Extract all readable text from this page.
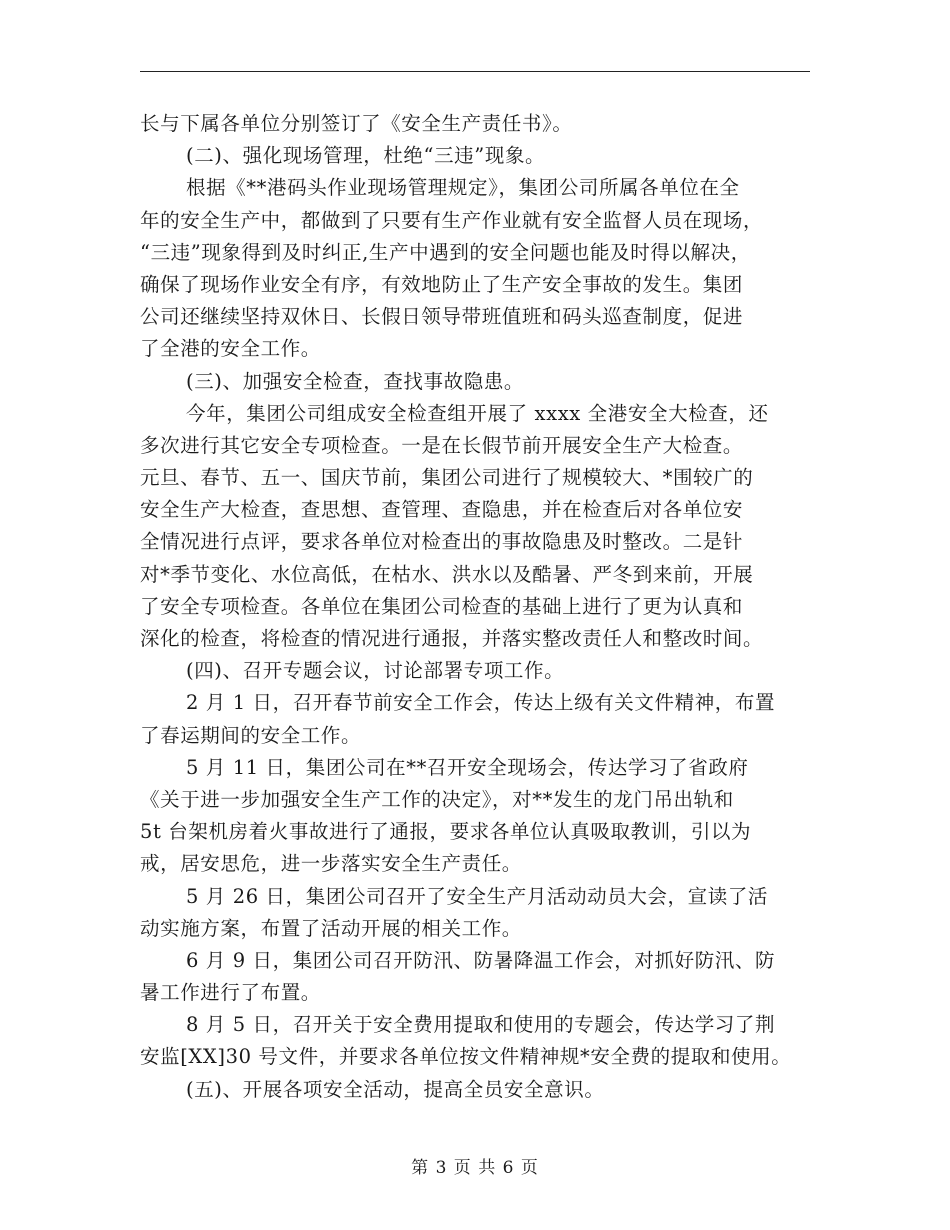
长与下属各单位分别签订了《安全生产责任书》。
(二)、强化现场管理，杜绝“三违”现象。
根据《**港码头作业现场管理规定》，集团公司所属各单位在全
年的安全生产中，都做到了只要有生产作业就有安全监督人员在现场，
“三违”现象得到及时纠正,生产中遇到的安全问题也能及时得以解决，
确保了现场作业安全有序，有效地防止了生产安全事故的发生。集团
公司还继续坚持双休日、长假日领导带班值班和码头巡查制度，促进
了全港的安全工作。
(三)、加强安全检查，查找事故隐患。
今年，集团公司组成安全检查组开展了 xxxx 全港安全大检查，还
多次进行其它安全专项检查。一是在长假节前开展安全生产大检查。
元旦、春节、五一、国庆节前，集团公司进行了规模较大、*围较广的
安全生产大检查，查思想、查管理、查隐患，并在检查后对各单位安
全情况进行点评，要求各单位对检查出的事故隐患及时整改。二是针
对*季节变化、水位高低，在枯水、洪水以及酷暑、严冬到来前，开展
了安全专项检查。各单位在集团公司检查的基础上进行了更为认真和
深化的检查，将检查的情况进行通报，并落实整改责任人和整改时间。
(四)、召开专题会议，讨论部署专项工作。
2 月 1 日，召开春节前安全工作会，传达上级有关文件精神，布置
了春运期间的安全工作。
5 月 11 日，集团公司在**召开安全现场会，传达学习了省政府
《关于进一步加强安全生产工作的决定》，对**发生的龙门吊出轨和
5t 台架机房着火事故进行了通报，要求各单位认真吸取教训，引以为
戒，居安思危，进一步落实安全生产责任。
5 月 26 日，集团公司召开了安全生产月活动动员大会，宣读了活
动实施方案，布置了活动开展的相关工作。
6 月 9 日，集团公司召开防汛、防暑降温工作会，对抓好防汛、防
暑工作进行了布置。
8 月 5 日，召开关于安全费用提取和使用的专题会，传达学习了荆
安监[XX]30 号文件，并要求各单位按文件精神规*安全费的提取和使用。
(五)、开展各项安全活动，提高全员安全意识。
第 3 页 共 6 页
